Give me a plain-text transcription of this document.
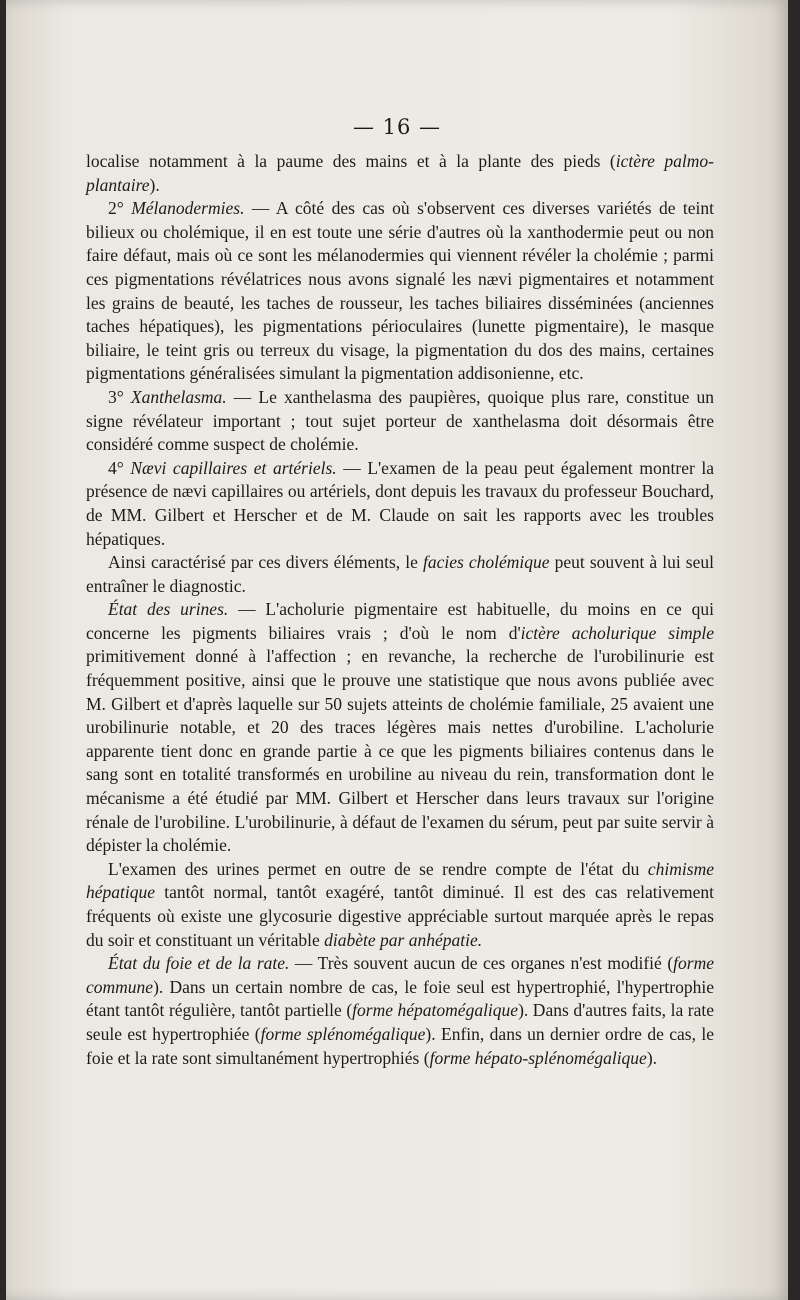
— 16 —

localise notamment à la paume des mains et à la plante des pieds (ictère palmo-plantaire).

2° Mélanodermies. — A côté des cas où s'observent ces diverses variétés de teint bilieux ou cholémique, il en est toute une série d'autres où la xanthodermie peut ou non faire défaut, mais où ce sont les mélanodermies qui viennent révéler la cholémie ; parmi ces pigmentations révélatrices nous avons signalé les nævi pigmentaires et notamment les grains de beauté, les taches de rousseur, les taches biliaires disséminées (anciennes taches hépatiques), les pigmentations périoculaires (lunette pigmentaire), le masque biliaire, le teint gris ou terreux du visage, la pigmentation du dos des mains, certaines pigmentations généralisées simulant la pigmentation addisonienne, etc.

3° Xanthelasma. — Le xanthelasma des paupières, quoique plus rare, constitue un signe révélateur important ; tout sujet porteur de xanthelasma doit désormais être considéré comme suspect de cholémie.

4° Nævi capillaires et artériels. — L'examen de la peau peut également montrer la présence de nævi capillaires ou artériels, dont depuis les travaux du professeur Bouchard, de MM. Gilbert et Herscher et de M. Claude on sait les rapports avec les troubles hépatiques.

Ainsi caractérisé par ces divers éléments, le facies cholémique peut souvent à lui seul entraîner le diagnostic.

État des urines. — L'acholurie pigmentaire est habituelle, du moins en ce qui concerne les pigments biliaires vrais ; d'où le nom d'ictère acholurique simple primitivement donné à l'affection ; en revanche, la recherche de l'urobilinurie est fréquemment positive, ainsi que le prouve une statistique que nous avons publiée avec M. Gilbert et d'après laquelle sur 50 sujets atteints de cholémie familiale, 25 avaient une urobilinurie notable, et 20 des traces légères mais nettes d'urobiline. L'acholurie apparente tient donc en grande partie à ce que les pigments biliaires contenus dans le sang sont en totalité transformés en urobiline au niveau du rein, transformation dont le mécanisme a été étudié par MM. Gilbert et Herscher dans leurs travaux sur l'origine rénale de l'urobiline. L'urobilinurie, à défaut de l'examen du sérum, peut par suite servir à dépister la cholémie.

L'examen des urines permet en outre de se rendre compte de l'état du chimisme hépatique tantôt normal, tantôt exagéré, tantôt diminué. Il est des cas relativement fréquents où existe une glycosurie digestive appréciable surtout marquée après le repas du soir et constituant un véritable diabète par anhépatie.

État du foie et de la rate. — Très souvent aucun de ces organes n'est modifié (forme commune). Dans un certain nombre de cas, le foie seul est hypertrophié, l'hypertrophie étant tantôt régulière, tantôt partielle (forme hépatomégalique). Dans d'autres faits, la rate seule est hypertrophiée (forme splénomégalique). Enfin, dans un dernier ordre de cas, le foie et la rate sont simultanément hypertrophiés (forme hépato-splénomégalique).
